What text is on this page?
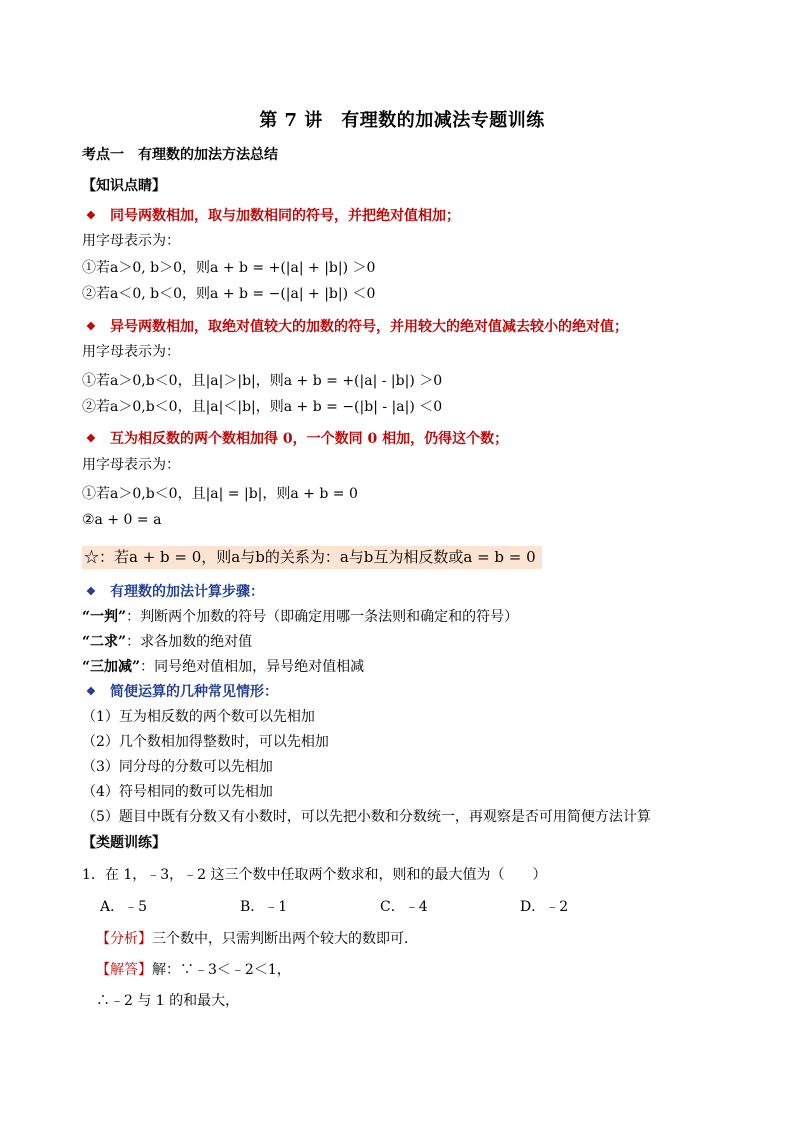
第 7 讲　有理数的加减法专题训练
考点一　有理数的加法方法总结
【知识点睛】
❖ 同号两数相加，取与加数相同的符号，并把绝对值相加；
用字母表示为：
①若a＞0, b＞0，则a + b = +(|a| + |b|) ＞0
②若a＜0, b＜0，则a + b = −(|a| + |b|) ＜0
❖ 异号两数相加，取绝对值较大的加数的符号，并用较大的绝对值减去较小的绝对值；
用字母表示为：
①若a＞0,b＜0，且|a|＞|b|，则a + b = +(|a| - |b|) ＞0
②若a＞0,b＜0，且|a|＜|b|，则a + b = −(|b| - |a|) ＜0
❖ 互为相反数的两个数相加得 0，一个数同 0 相加，仍得这个数；
用字母表示为：
①若a＞0,b＜0，且|a| = |b|，则a + b = 0
②a + 0 = a
☆：若a + b = 0，则a与b的关系为：a与b互为相反数或a = b = 0
❖ 有理数的加法计算步骤：
“一判”：判断两个加数的符号（即确定用哪一条法则和确定和的符号）
“二求”：求各加数的绝对值
“三加减”：同号绝对值相加，异号绝对值相减
❖ 简便运算的几种常见情形：
（1）互为相反数的两个数可以先相加
（2）几个数相加得整数时，可以先相加
（3）同分母的分数可以先相加
（4）符号相同的数可以先相加
（5）题目中既有分数又有小数时，可以先把小数和分数统一，再观察是否可用简便方法计算
【类题训练】
1．在 1，﹣3，﹣2 这三个数中任取两个数求和，则和的最大值为（　　）
A．﹣5	B．﹣1	C．﹣4	D．﹣2
【分析】三个数中，只需判断出两个较大的数即可．
【解答】解：∵﹣3＜﹣2＜1，
∴﹣2 与 1 的和最大，
